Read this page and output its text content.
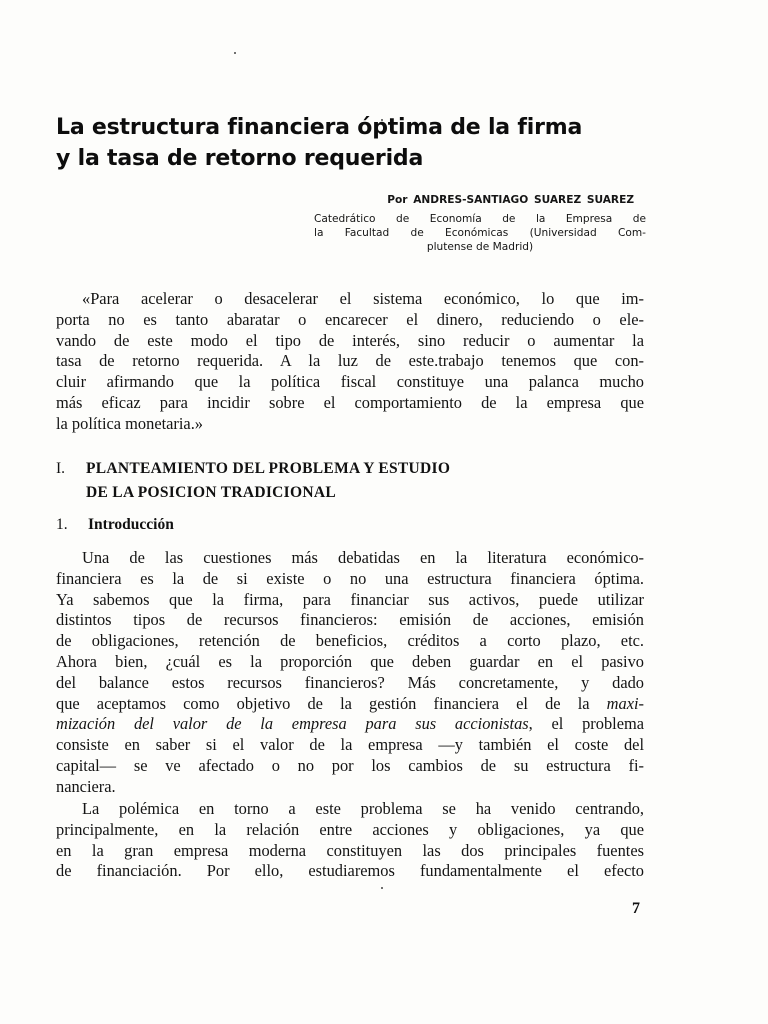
La estructura financiera óptima de la firma
y la tasa de retorno requerida
Por ANDRES-SANTIAGO SUAREZ SUAREZ
Catedrático de Economía de la Empresa de
la Facultad de Económicas (Universidad Com-
plutense de Madrid)
«Para acelerar o desacelerar el sistema económico, lo que im-
porta no es tanto abaratar o encarecer el dinero, reduciendo o ele-
vando de este modo el tipo de interés, sino reducir o aumentar la
tasa de retorno requerida. A la luz de este.trabajo tenemos que con-
cluir afirmando que la política fiscal constituye una palanca mucho
más eficaz para incidir sobre el comportamiento de la empresa que
la política monetaria.»
I.	PLANTEAMIENTO DEL PROBLEMA Y ESTUDIO
DE LA POSICION TRADICIONAL
1. Introducción
Una de las cuestiones más debatidas en la literatura económico-
financiera es la de si existe o no una estructura financiera óptima.
Ya sabemos que la firma, para financiar sus activos, puede utilizar
distintos tipos de recursos financieros: emisión de acciones, emisión
de obligaciones, retención de beneficios, créditos a corto plazo, etc.
Ahora bien, ¿cuál es la proporción que deben guardar en el pasivo
del balance estos recursos financieros? Más concretamente, y dado
que aceptamos como objetivo de la gestión financiera el de la maxi-
mización del valor de la empresa para sus accionistas, el problema
consiste en saber si el valor de la empresa —y también el coste del
capital— se ve afectado o no por los cambios de su estructura fi-
nanciera.
La polémica en torno a este problema se ha venido centrando,
principalmente, en la relación entre acciones y obligaciones, ya que
en la gran empresa moderna constituyen las dos principales fuentes
de financiación. Por ello, estudiaremos fundamentalmente el efecto
7
